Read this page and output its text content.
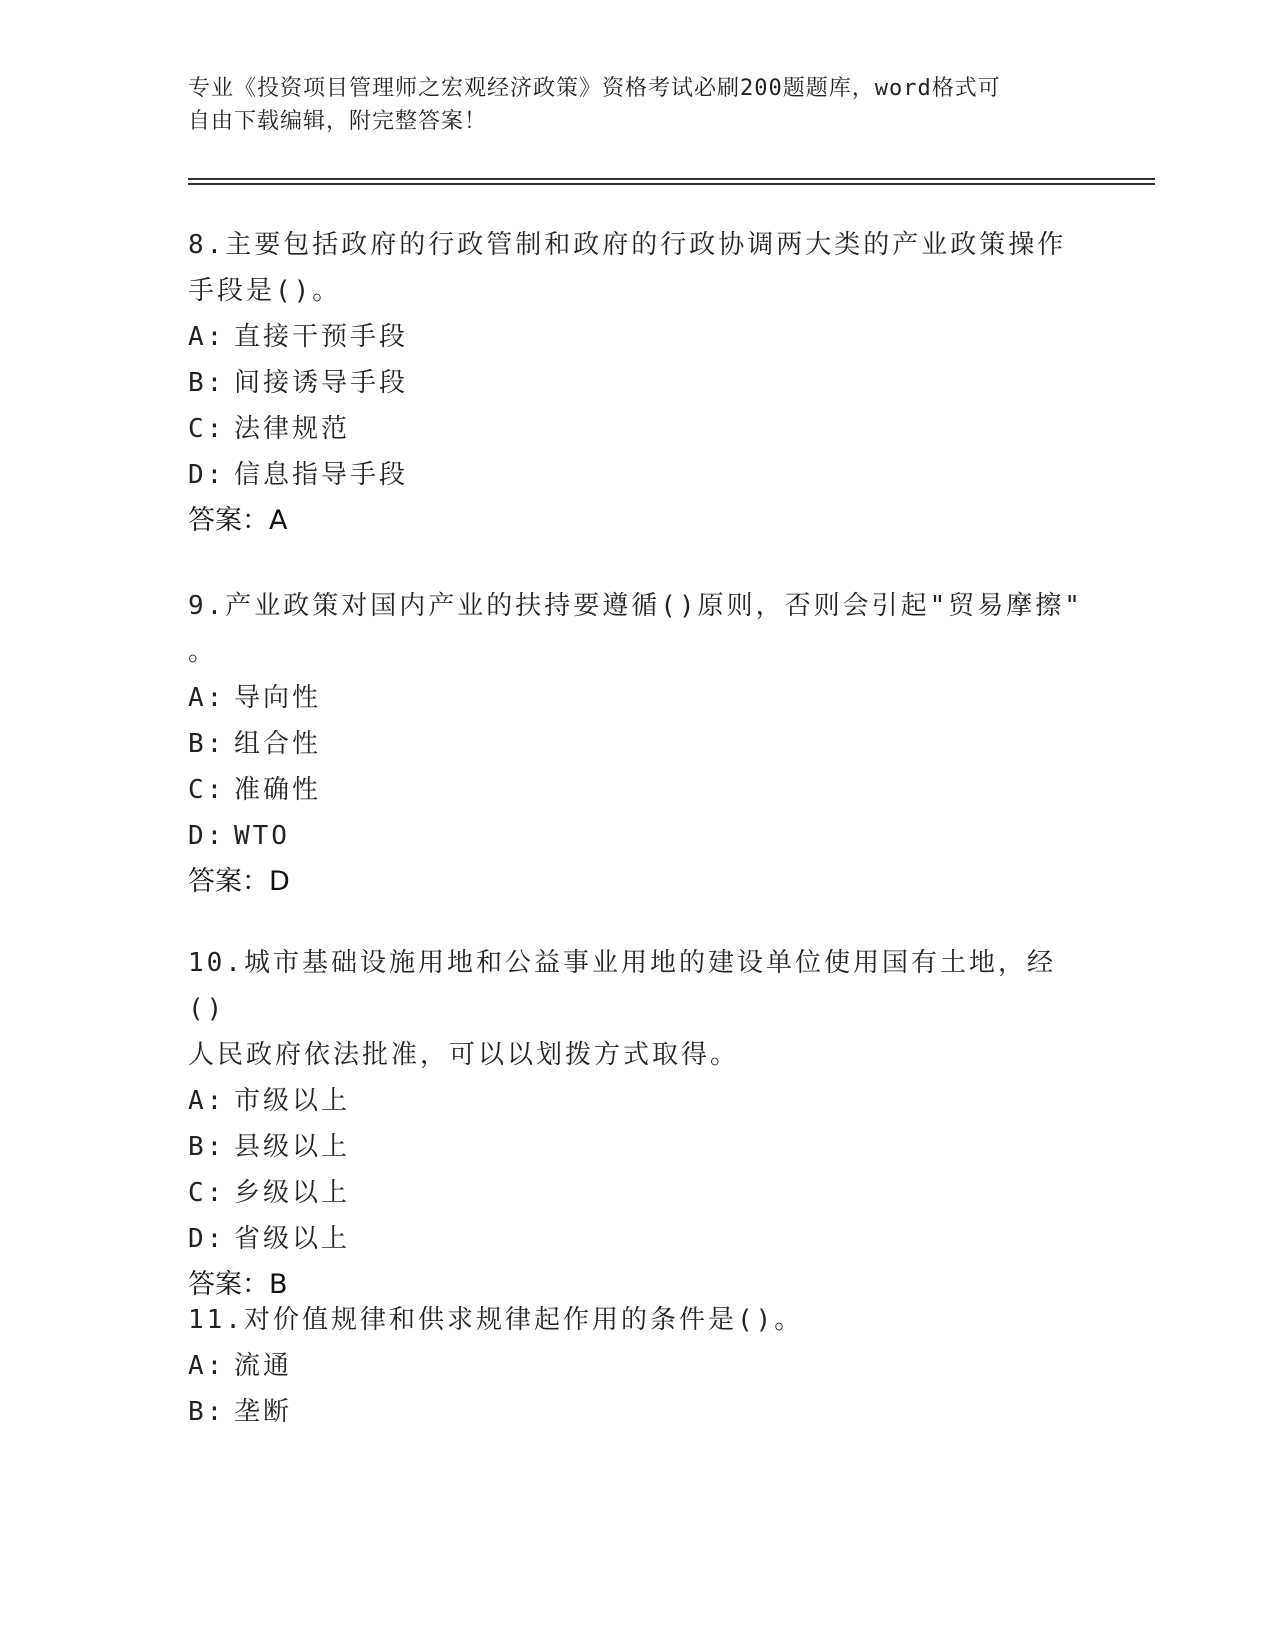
专业《投资项目管理师之宏观经济政策》资格考试必刷200题题库，word格式可
自由下载编辑，附完整答案！
8.主要包括政府的行政管制和政府的行政协调两大类的产业政策操作
手段是()。
A: 直接干预手段
B: 间接诱导手段
C: 法律规范
D: 信息指导手段
答案：A
9.产业政策对国内产业的扶持要遵循()原则，否则会引起"贸易摩擦"
。
A: 导向性
B: 组合性
C: 准确性
D: WTO
答案：D
10.城市基础设施用地和公益事业用地的建设单位使用国有土地，经()
人民政府依法批准，可以以划拨方式取得。
A: 市级以上
B: 县级以上
C: 乡级以上
D: 省级以上
答案：B
11.对价值规律和供求规律起作用的条件是()。
A: 流通
B: 垄断
